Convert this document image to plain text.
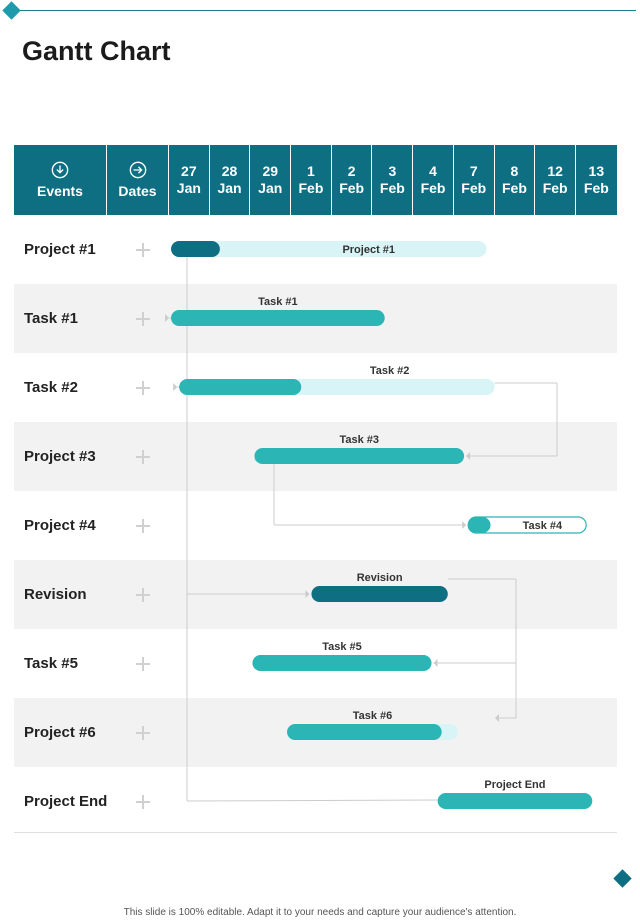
Gantt Chart
Events	Dates
27
Jan
28
Jan
29
Jan
1
Feb
2
Feb
3
Feb
4
Feb
7
Feb
8
Feb
12
Feb
13
Feb
Project #1
Task #1
Task #2
Project #3
Project #4
Revision
Task #5
Project #6
Project End
Project #1
Task #1
Task #2
Task #3
Task #4
Revision
Task #5
Task #6
Project End
This slide is 100% editable. Adapt it to your needs and capture your audience's attention.
